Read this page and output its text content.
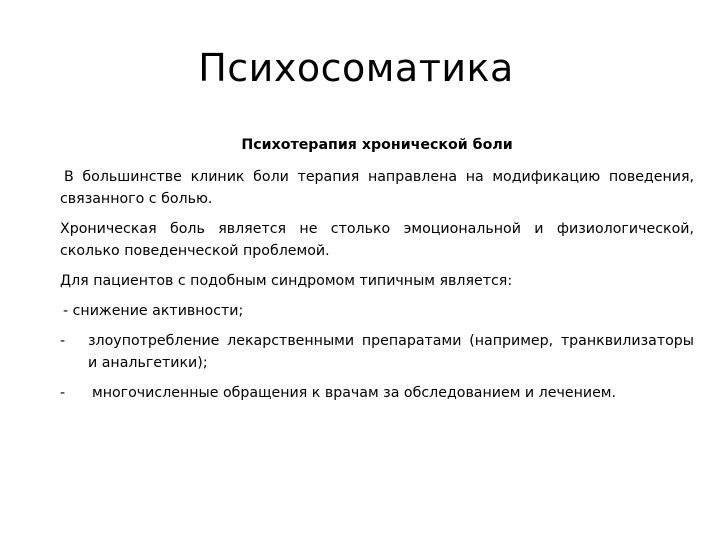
Психосоматика

Психотерапия хронической боли

В большинстве клиник боли терапия направлена на модификацию поведения, связанного с болью.

Хроническая боль является не столько эмоциональной и физиологической, сколько поведенческой проблемой.

Для пациентов с подобным синдромом типичным является:

- снижение активности;

-	злоупотребление лекарственными препаратами (например, транквилизаторы и анальгетики);
-	многочисленные обращения к врачам за обследованием и лечением.
